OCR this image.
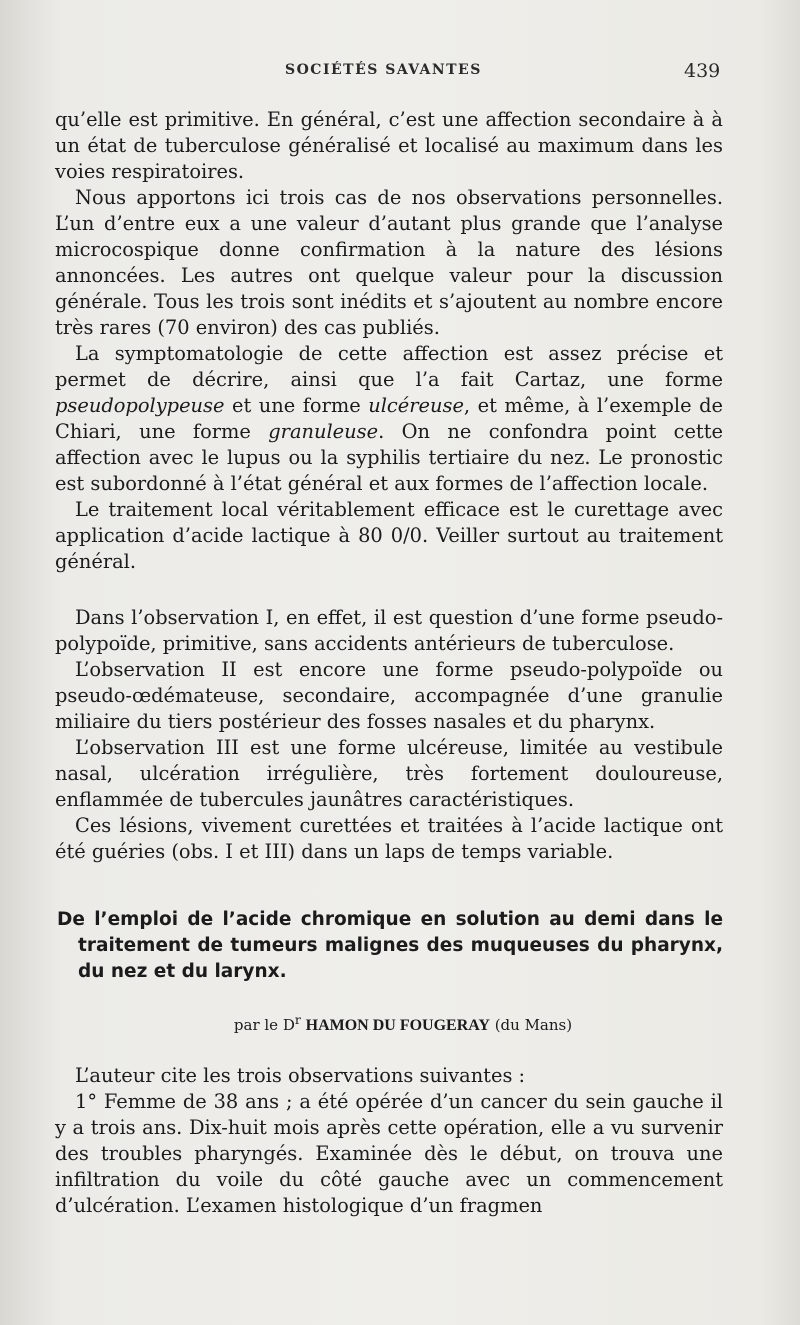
SOCIÉTÉS SAVANTES	439

qu’elle est primitive. En général, c’est une affection secondaire à à un état de tuberculose généralisé et localisé au maximum dans les voies respiratoires.

Nous apportons ici trois cas de nos observations personnelles. L’un d’entre eux a une valeur d’autant plus grande que l’analyse microcospique donne confirmation à la nature des lésions annoncées. Les autres ont quelque valeur pour la discussion générale. Tous les trois sont inédits et s’ajoutent au nombre encore très rares (70 environ) des cas publiés.

La symptomatologie de cette affection est assez précise et permet de décrire, ainsi que l’a fait Cartaz, une forme pseudopolypeuse et une forme ulcéreuse, et même, à l’exemple de Chiari, une forme granuleuse. On ne confondra point cette affection avec le lupus ou la syphilis tertiaire du nez. Le pronostic est subordonné à l’état général et aux formes de l’affection locale.

Le traitement local véritablement efficace est le curettage avec application d’acide lactique à 80 0/0. Veiller surtout au traitement général.

Dans l’observation I, en effet, il est question d’une forme pseudo-polypoïde, primitive, sans accidents antérieurs de tuberculose.

L’observation II est encore une forme pseudo-polypoïde ou pseudo-œdémateuse, secondaire, accompagnée d’une granulie miliaire du tiers postérieur des fosses nasales et du pharynx.

L’observation III est une forme ulcéreuse, limitée au vestibule nasal, ulcération irrégulière, très fortement douloureuse, enflammée de tubercules jaunâtres caractéristiques.

Ces lésions, vivement curettées et traitées à l’acide lactique ont été guéries (obs. I et III) dans un laps de temps variable.

De l’emploi de l’acide chromique en solution au demi dans le traitement de tumeurs malignes des muqueuses du pharynx, du nez et du larynx.

par le $D^r$ HAMON DU FOUGERAY (du Mans)

L’auteur cite les trois observations suivantes :

1° Femme de 38 ans ; a été opérée d’un cancer du sein gauche il y a trois ans. Dix-huit mois après cette opération, elle a vu survenir des troubles pharyngés. Examinée dès le début, on trouva une infiltration du voile du côté gauche avec un commencement d’ulcération. L’examen histologique d’un fragmen
